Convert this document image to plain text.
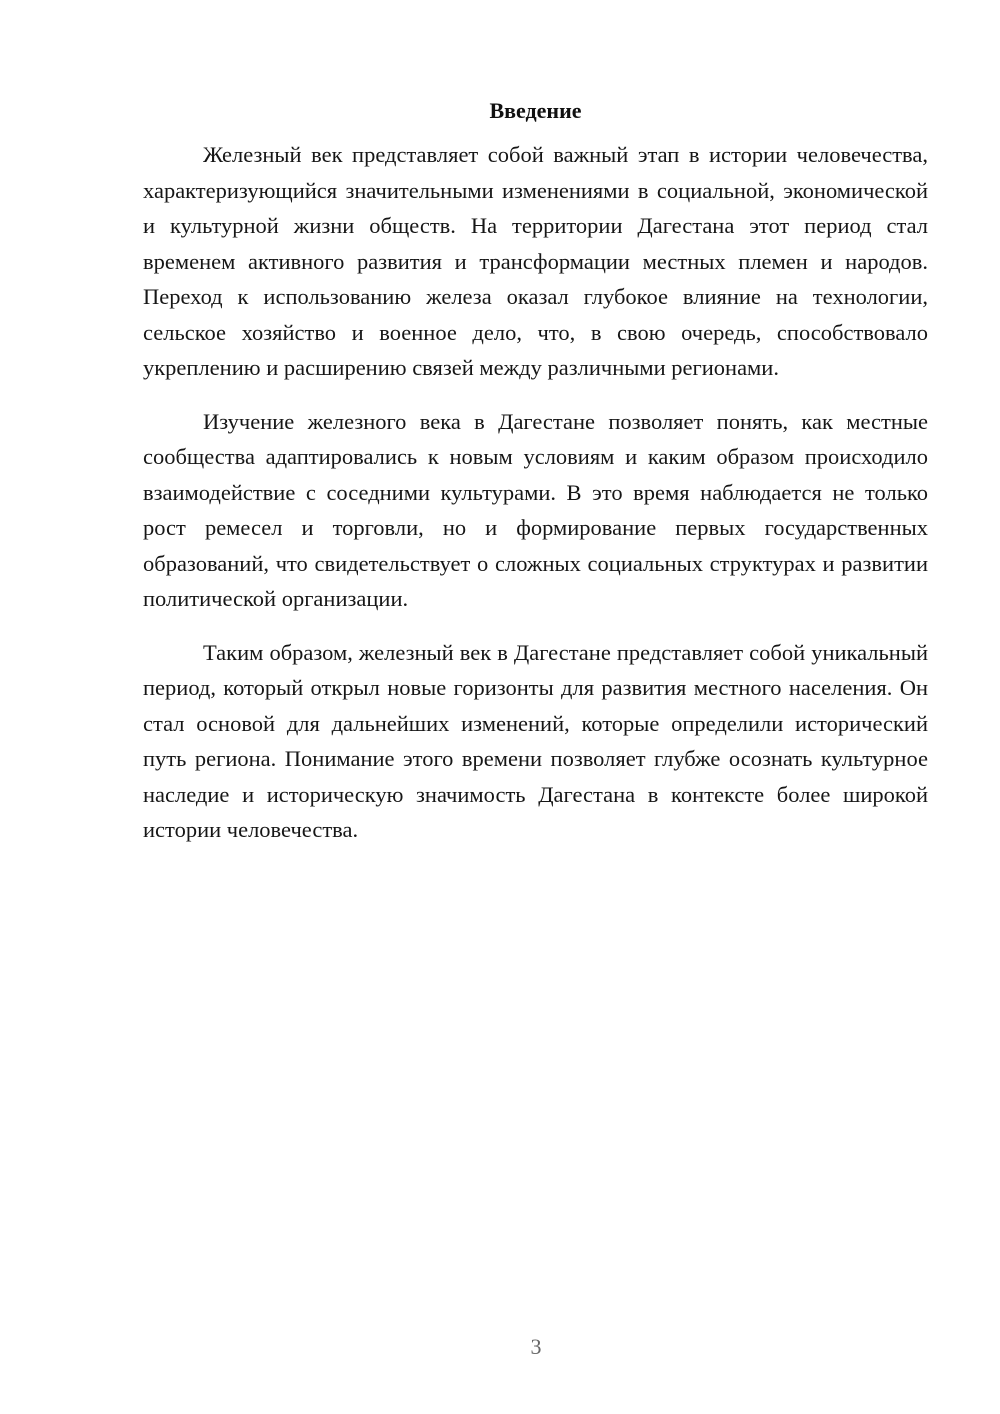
Введение

Железный век представляет собой важный этап в истории человечества, характеризующийся значительными изменениями в социальной, экономической и культурной жизни обществ. На территории Дагестана этот период стал временем активного развития и трансформации местных племен и народов. Переход к использованию железа оказал глубокое влияние на технологии, сельское хозяйство и военное дело, что, в свою очередь, способствовало укреплению и расширению связей между различными регионами.

Изучение железного века в Дагестане позволяет понять, как местные сообщества адаптировались к новым условиям и каким образом происходило взаимодействие с соседними культурами. В это время наблюдается не только рост ремесел и торговли, но и формирование первых государственных образований, что свидетельствует о сложных социальных структурах и развитии политической организации.

Таким образом, железный век в Дагестане представляет собой уникальный период, который открыл новые горизонты для развития местного населения. Он стал основой для дальнейших изменений, которые определили исторический путь региона. Понимание этого времени позволяет глубже осознать культурное наследие и историческую значимость Дагестана в контексте более широкой истории человечества.

3
